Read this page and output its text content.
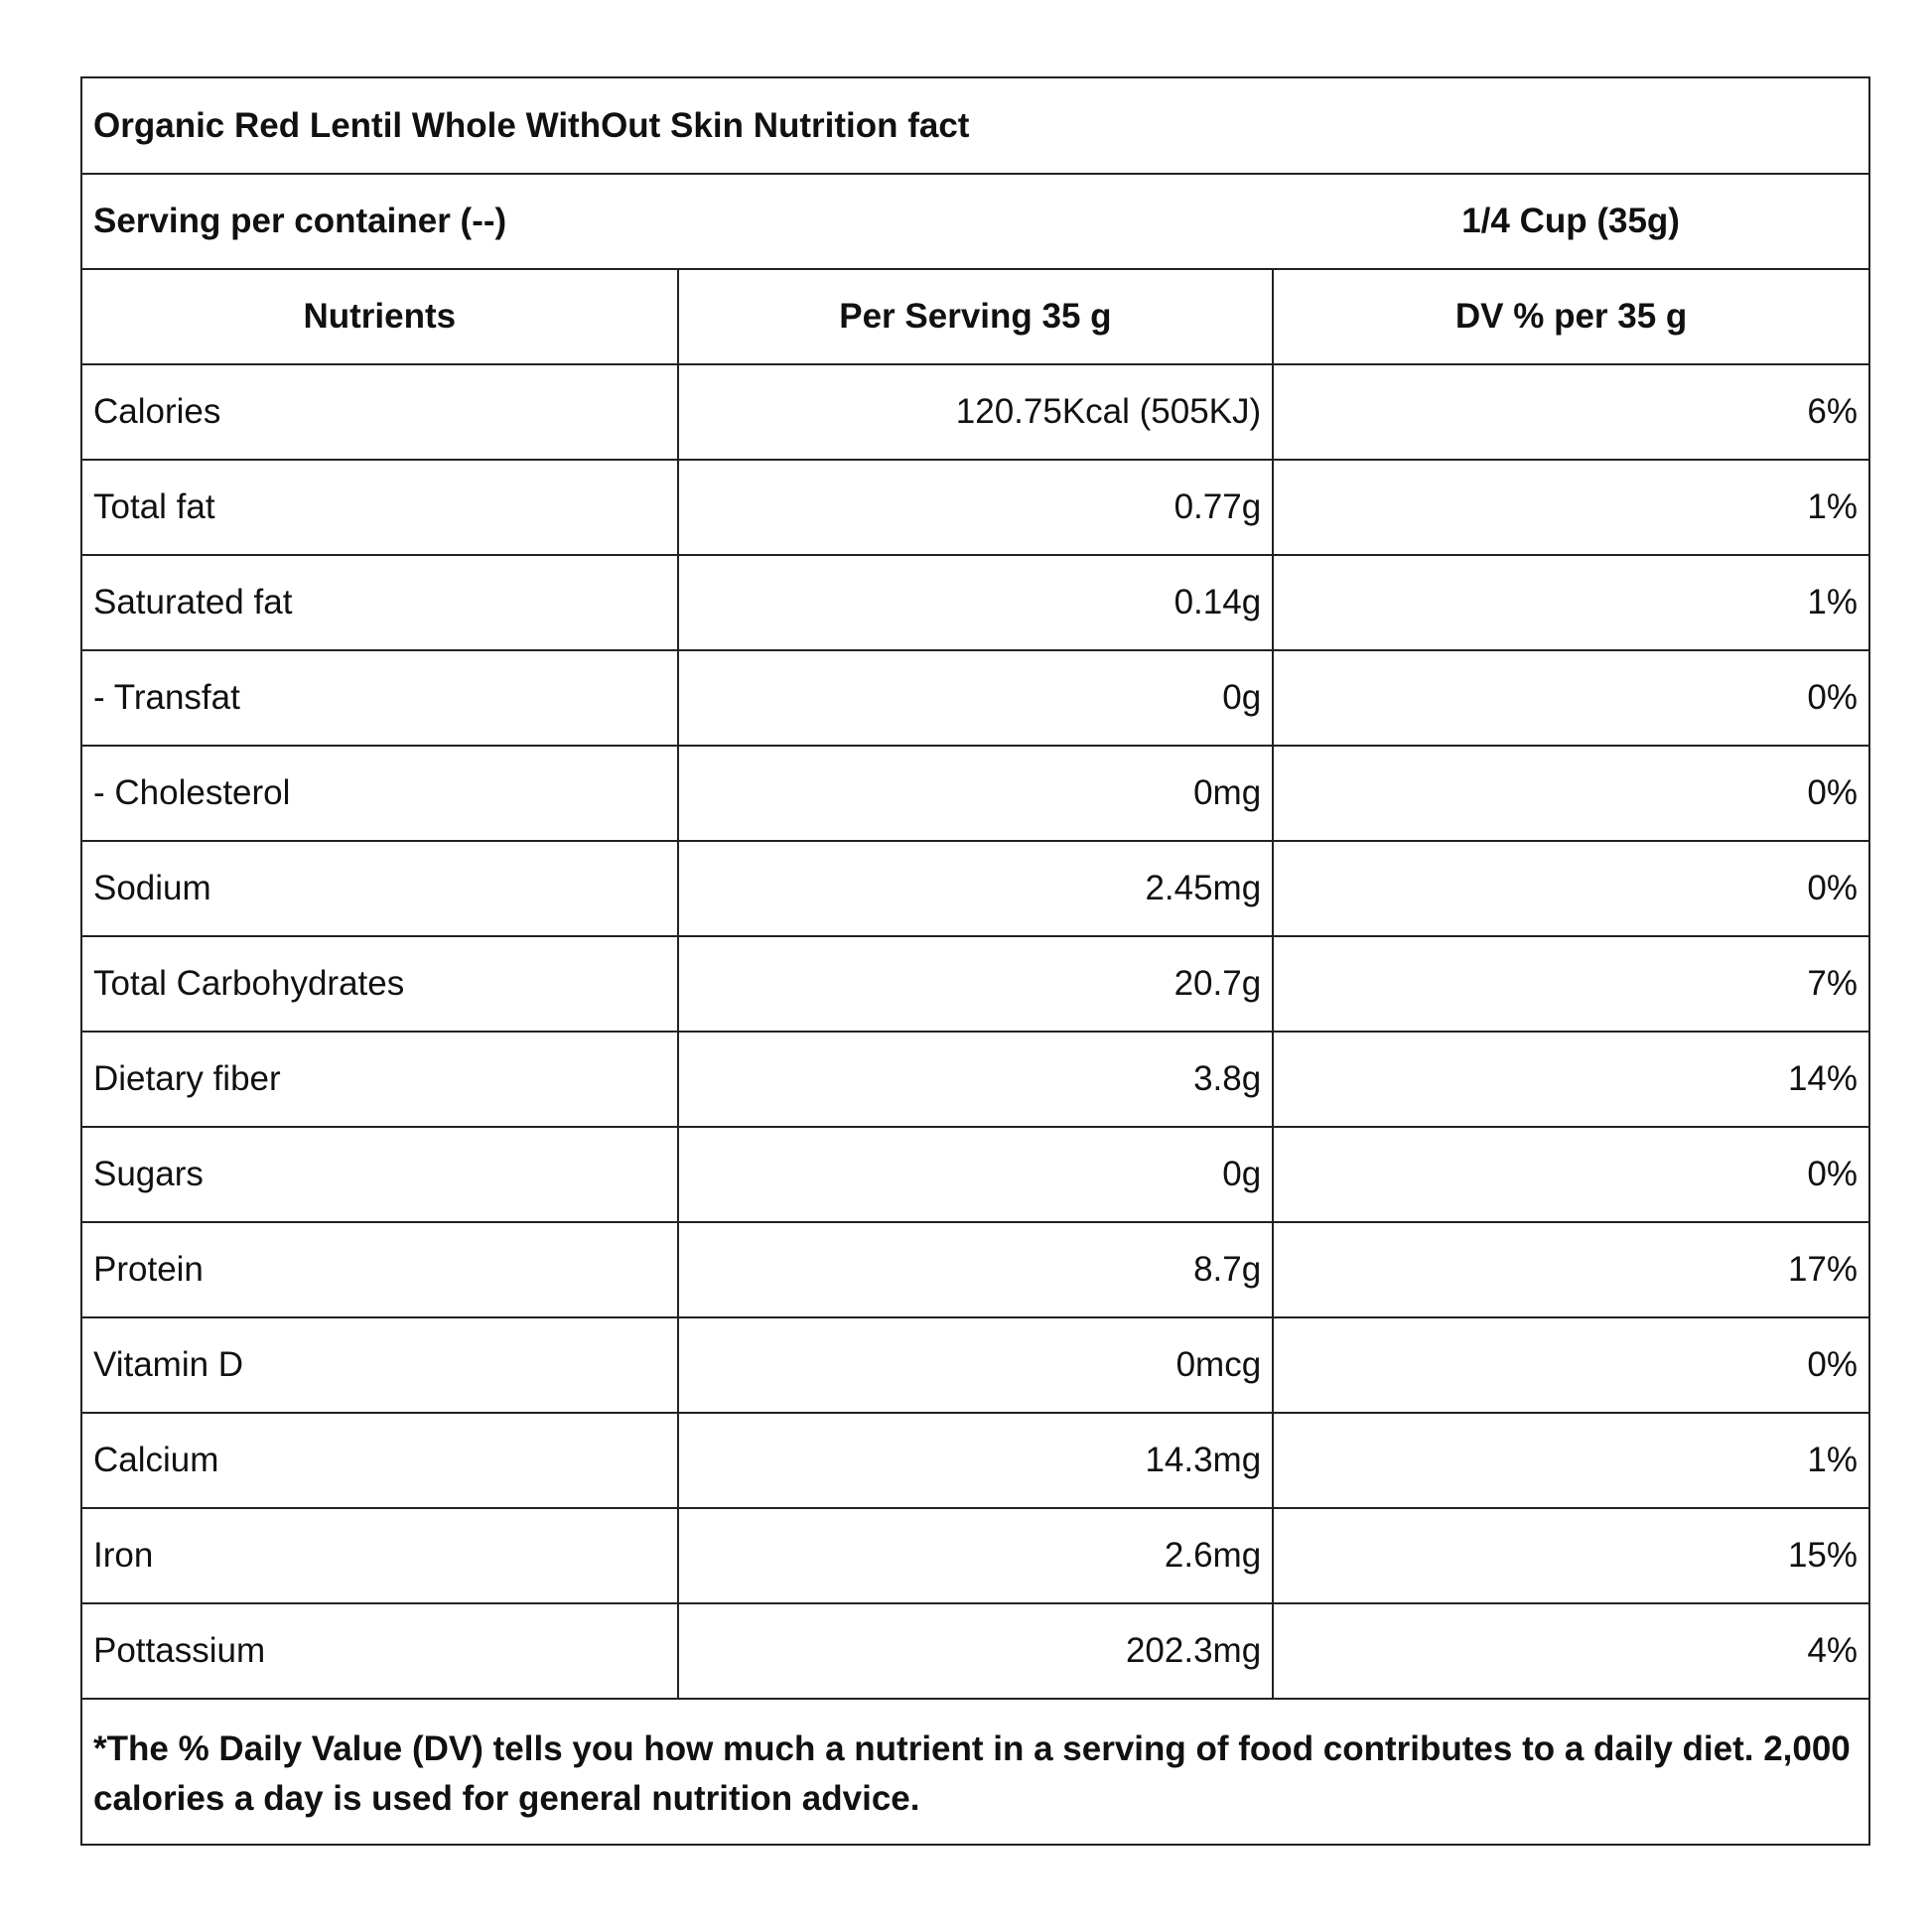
Organic Red Lentil Whole WithOut Skin Nutrition fact		
Serving per container (--)		1/4 Cup (35g)
Nutrients	Per Serving 35 g	DV % per 35 g
Calories	120.75Kcal (505KJ)	6%
Total fat	0.77g	1%
Saturated fat	0.14g	1%
- Transfat	0g	0%
- Cholesterol	0mg	0%
Sodium	2.45mg	0%
Total Carbohydrates	20.7g	7%
Dietary fiber	3.8g	14%
Sugars	0g	0%
Protein	8.7g	17%
Vitamin D	0mcg	0%
Calcium	14.3mg	1%
Iron	2.6mg	15%
Pottassium	202.3mg	4%
*The % Daily Value (DV) tells you how much a nutrient in a serving of food contributes to a daily diet. 2,000 calories a day is used for general nutrition advice.		
